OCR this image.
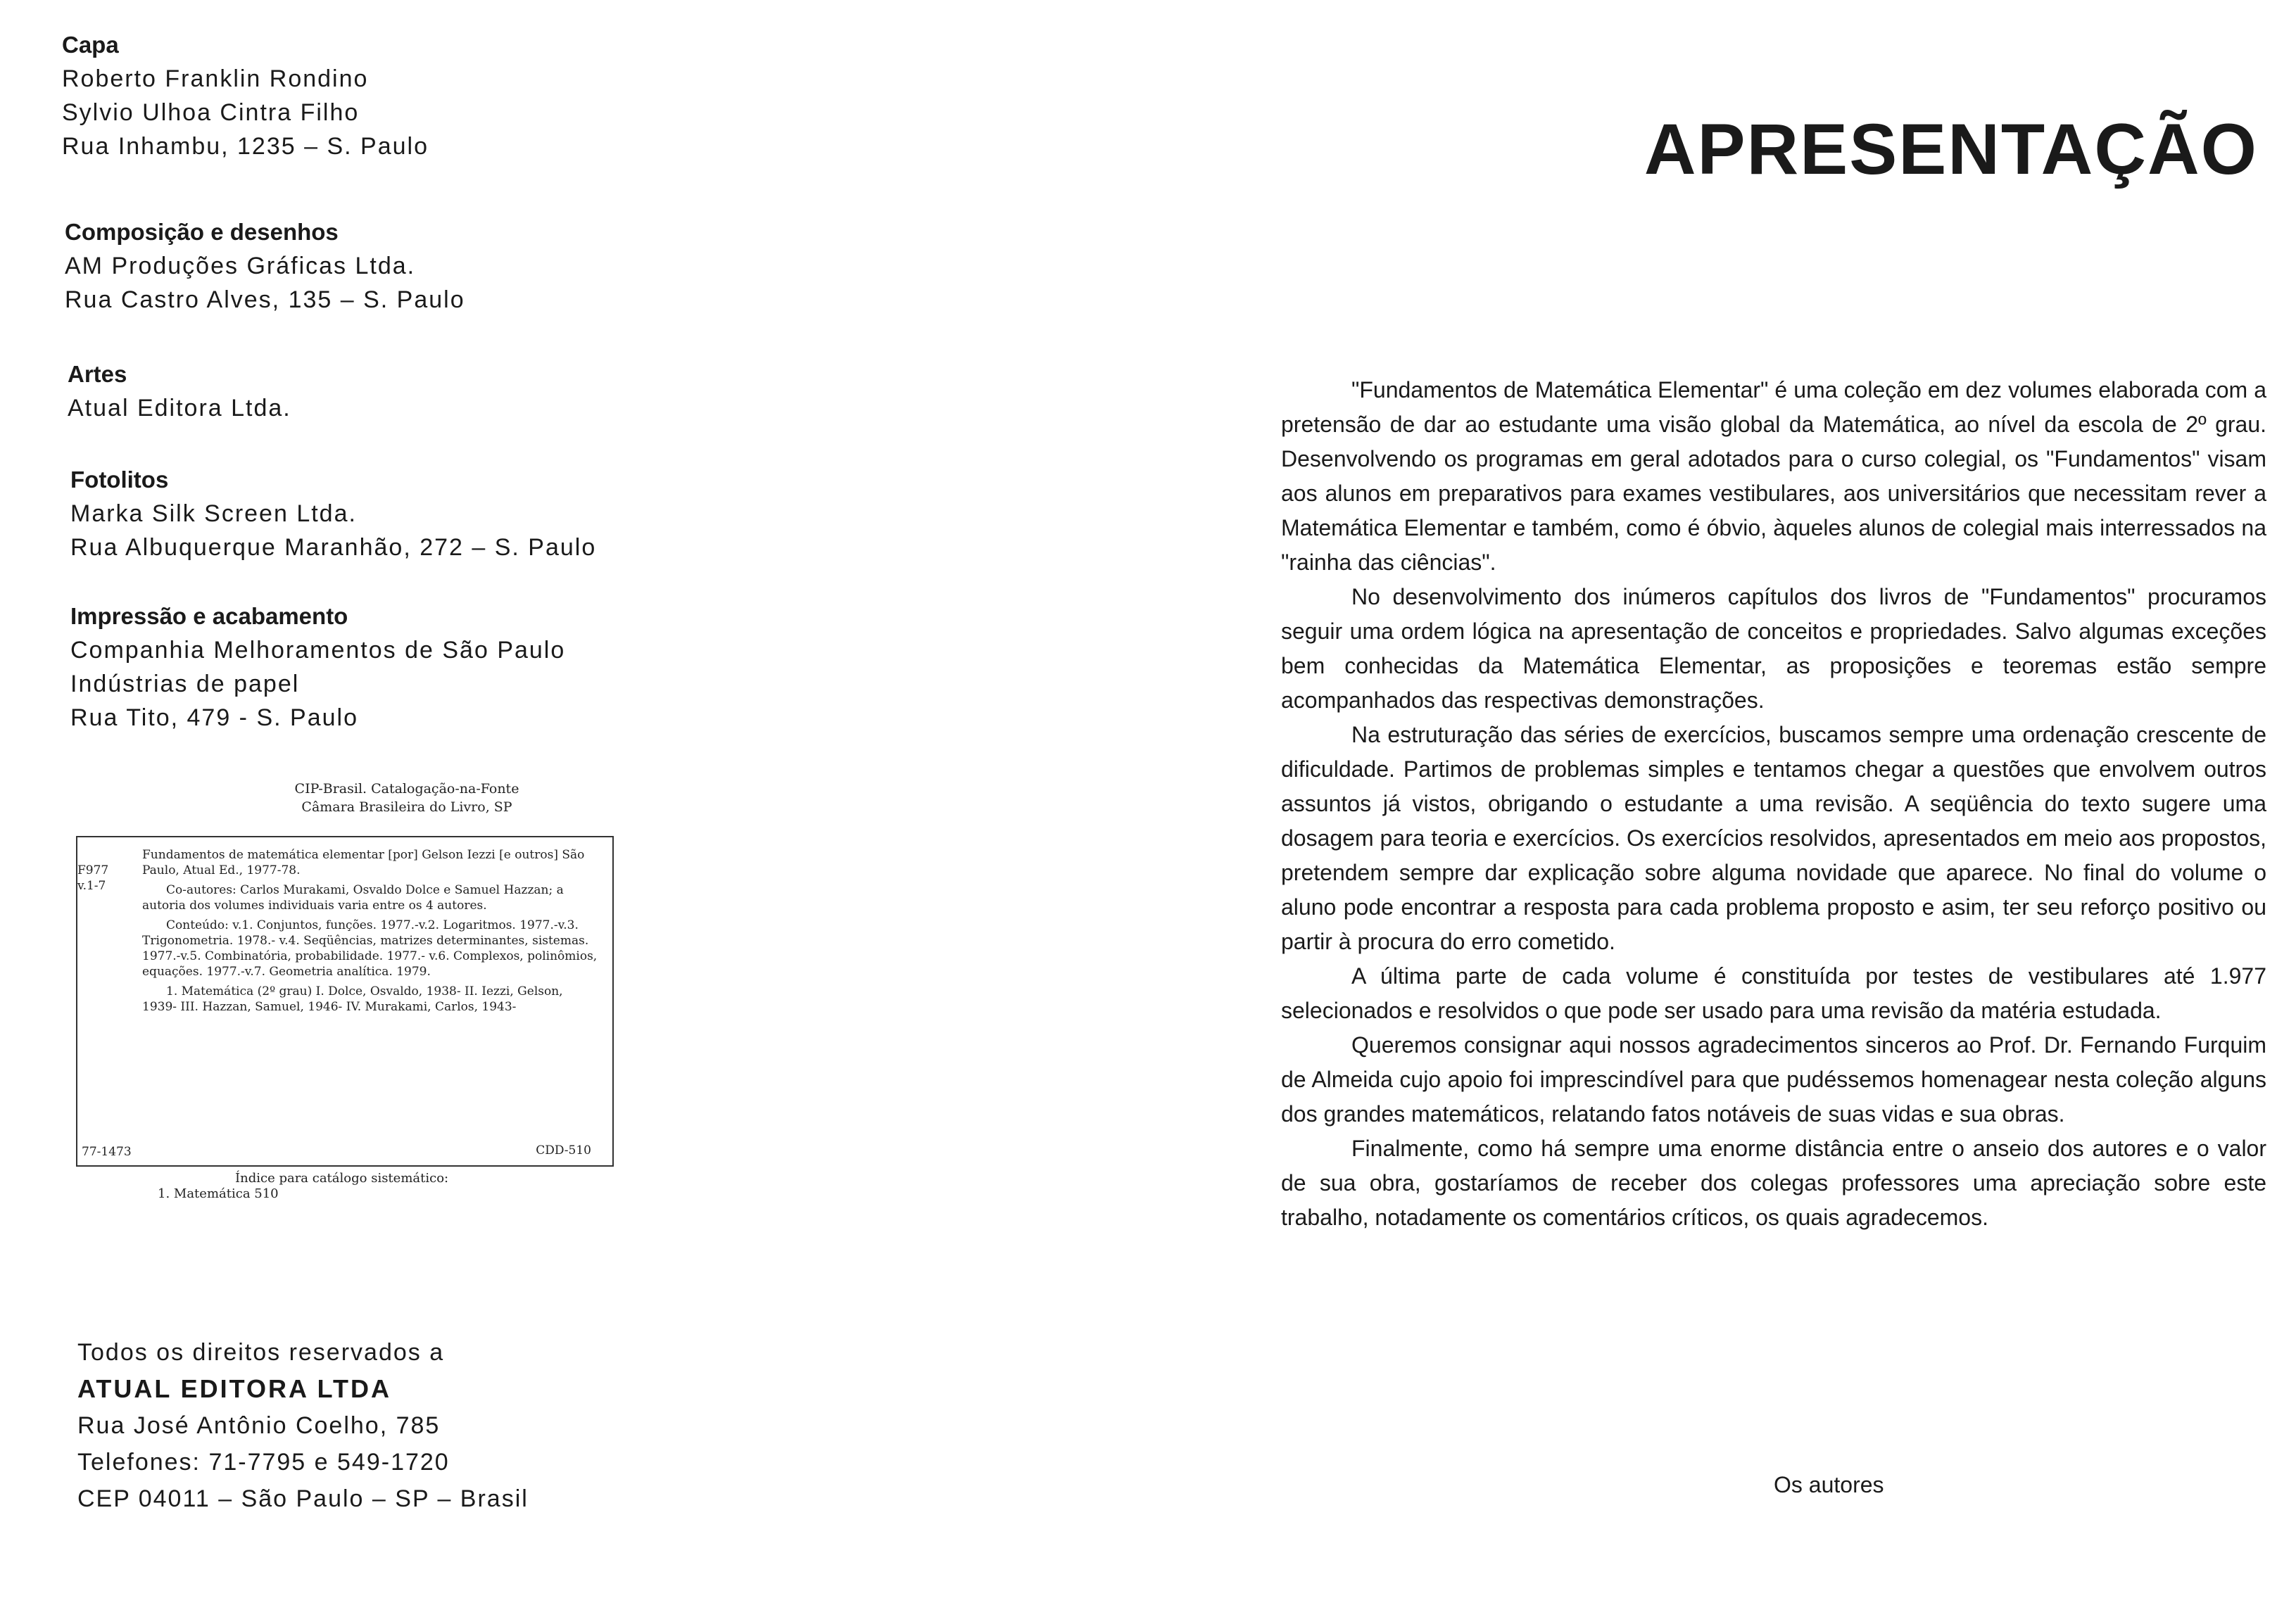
Capa
Roberto Franklin Rondino
Sylvio Ulhoa Cintra Filho
Rua Inhambu, 1235 – S. Paulo
Composição e desenhos
AM Produções Gráficas Ltda.
Rua Castro Alves, 135 – S. Paulo
Artes
Atual Editora Ltda.
Fotolitos
Marka Silk Screen Ltda.
Rua Albuquerque Maranhão, 272 – S. Paulo
Impressão e acabamento
Companhia Melhoramentos de São Paulo
Indústrias de papel
Rua Tito, 479 - S. Paulo
CIP-Brasil. Catalogação-na-Fonte
Câmara Brasileira do Livro, SP
F977
v.1-7

Fundamentos de matemática elementar [por] Gelson Iezzi [e outros] São Paulo, Atual Ed., 1977-78.

Co-autores: Carlos Murakami, Osvaldo Dolce e Samuel Hazzan; a autoria dos volumes individuais varia entre os 4 autores.

Conteúdo: v.1. Conjuntos, funções. 1977.-v.2. Logaritmos. 1977.-v.3. Trigonometria. 1978.- v.4. Seqüências, matrizes determinantes, sistemas. 1977.-v.5. Combinatória, probabilidade. 1977.- v.6. Complexos, polinômios, equações. 1977.-v.7. Geometria analítica. 1979.

1. Matemática (2º grau) I. Dolce, Osvaldo, 1938- II. Iezzi, Gelson, 1939- III. Hazzan, Samuel, 1946- IV. Murakami, Carlos, 1943-

77-1473	CDD-510
Índice para catálogo sistemático:
1. Matemática 510
Todos os direitos reservados a
ATUAL EDITORA LTDA
Rua José Antônio Coelho, 785
Telefones: 71-7795 e 549-1720
CEP 04011 – São Paulo – SP – Brasil
APRESENTAÇÃO

"Fundamentos de Matemática Elementar" é uma coleção em dez volumes elaborada com a pretensão de dar ao estudante uma visão global da Matemática, ao nível da escola de 2º grau. Desenvolvendo os programas em geral adotados para o curso colegial, os "Fundamentos" visam aos alunos em preparativos para exames vestibulares, aos universitários que necessitam rever a Matemática Elementar e também, como é óbvio, àqueles alunos de colegial mais interressados na "rainha das ciências".

No desenvolvimento dos inúmeros capítulos dos livros de "Fundamentos" procuramos seguir uma ordem lógica na apresentação de conceitos e propriedades. Salvo algumas exceções bem conhecidas da Matemática Elementar, as proposições e teoremas estão sempre acompanhados das respectivas demonstrações.

Na estruturação das séries de exercícios, buscamos sempre uma ordenação crescente de dificuldade. Partimos de problemas simples e tentamos chegar a questões que envolvem outros assuntos já vistos, obrigando o estudante a uma revisão. A seqüência do texto sugere uma dosagem para teoria e exercícios. Os exercícios resolvidos, apresentados em meio aos propostos, pretendem sempre dar explicação sobre alguma novidade que aparece. No final do volume o aluno pode encontrar a resposta para cada problema proposto e asim, ter seu reforço positivo ou partir à procura do erro cometido.

A última parte de cada volume é constituída por testes de vestibulares até 1.977 selecionados e resolvidos o que pode ser usado para uma revisão da matéria estudada.

Queremos consignar aqui nossos agradecimentos sinceros ao Prof. Dr. Fernando Furquim de Almeida cujo apoio foi imprescindível para que pudéssemos homenagear nesta coleção alguns dos grandes matemáticos, relatando fatos notáveis de suas vidas e sua obras.

Finalmente, como há sempre uma enorme distância entre o anseio dos autores e o valor de sua obra, gostaríamos de receber dos colegas professores uma apreciação sobre este trabalho, notadamente os comentários críticos, os quais agradecemos.

Os autores
